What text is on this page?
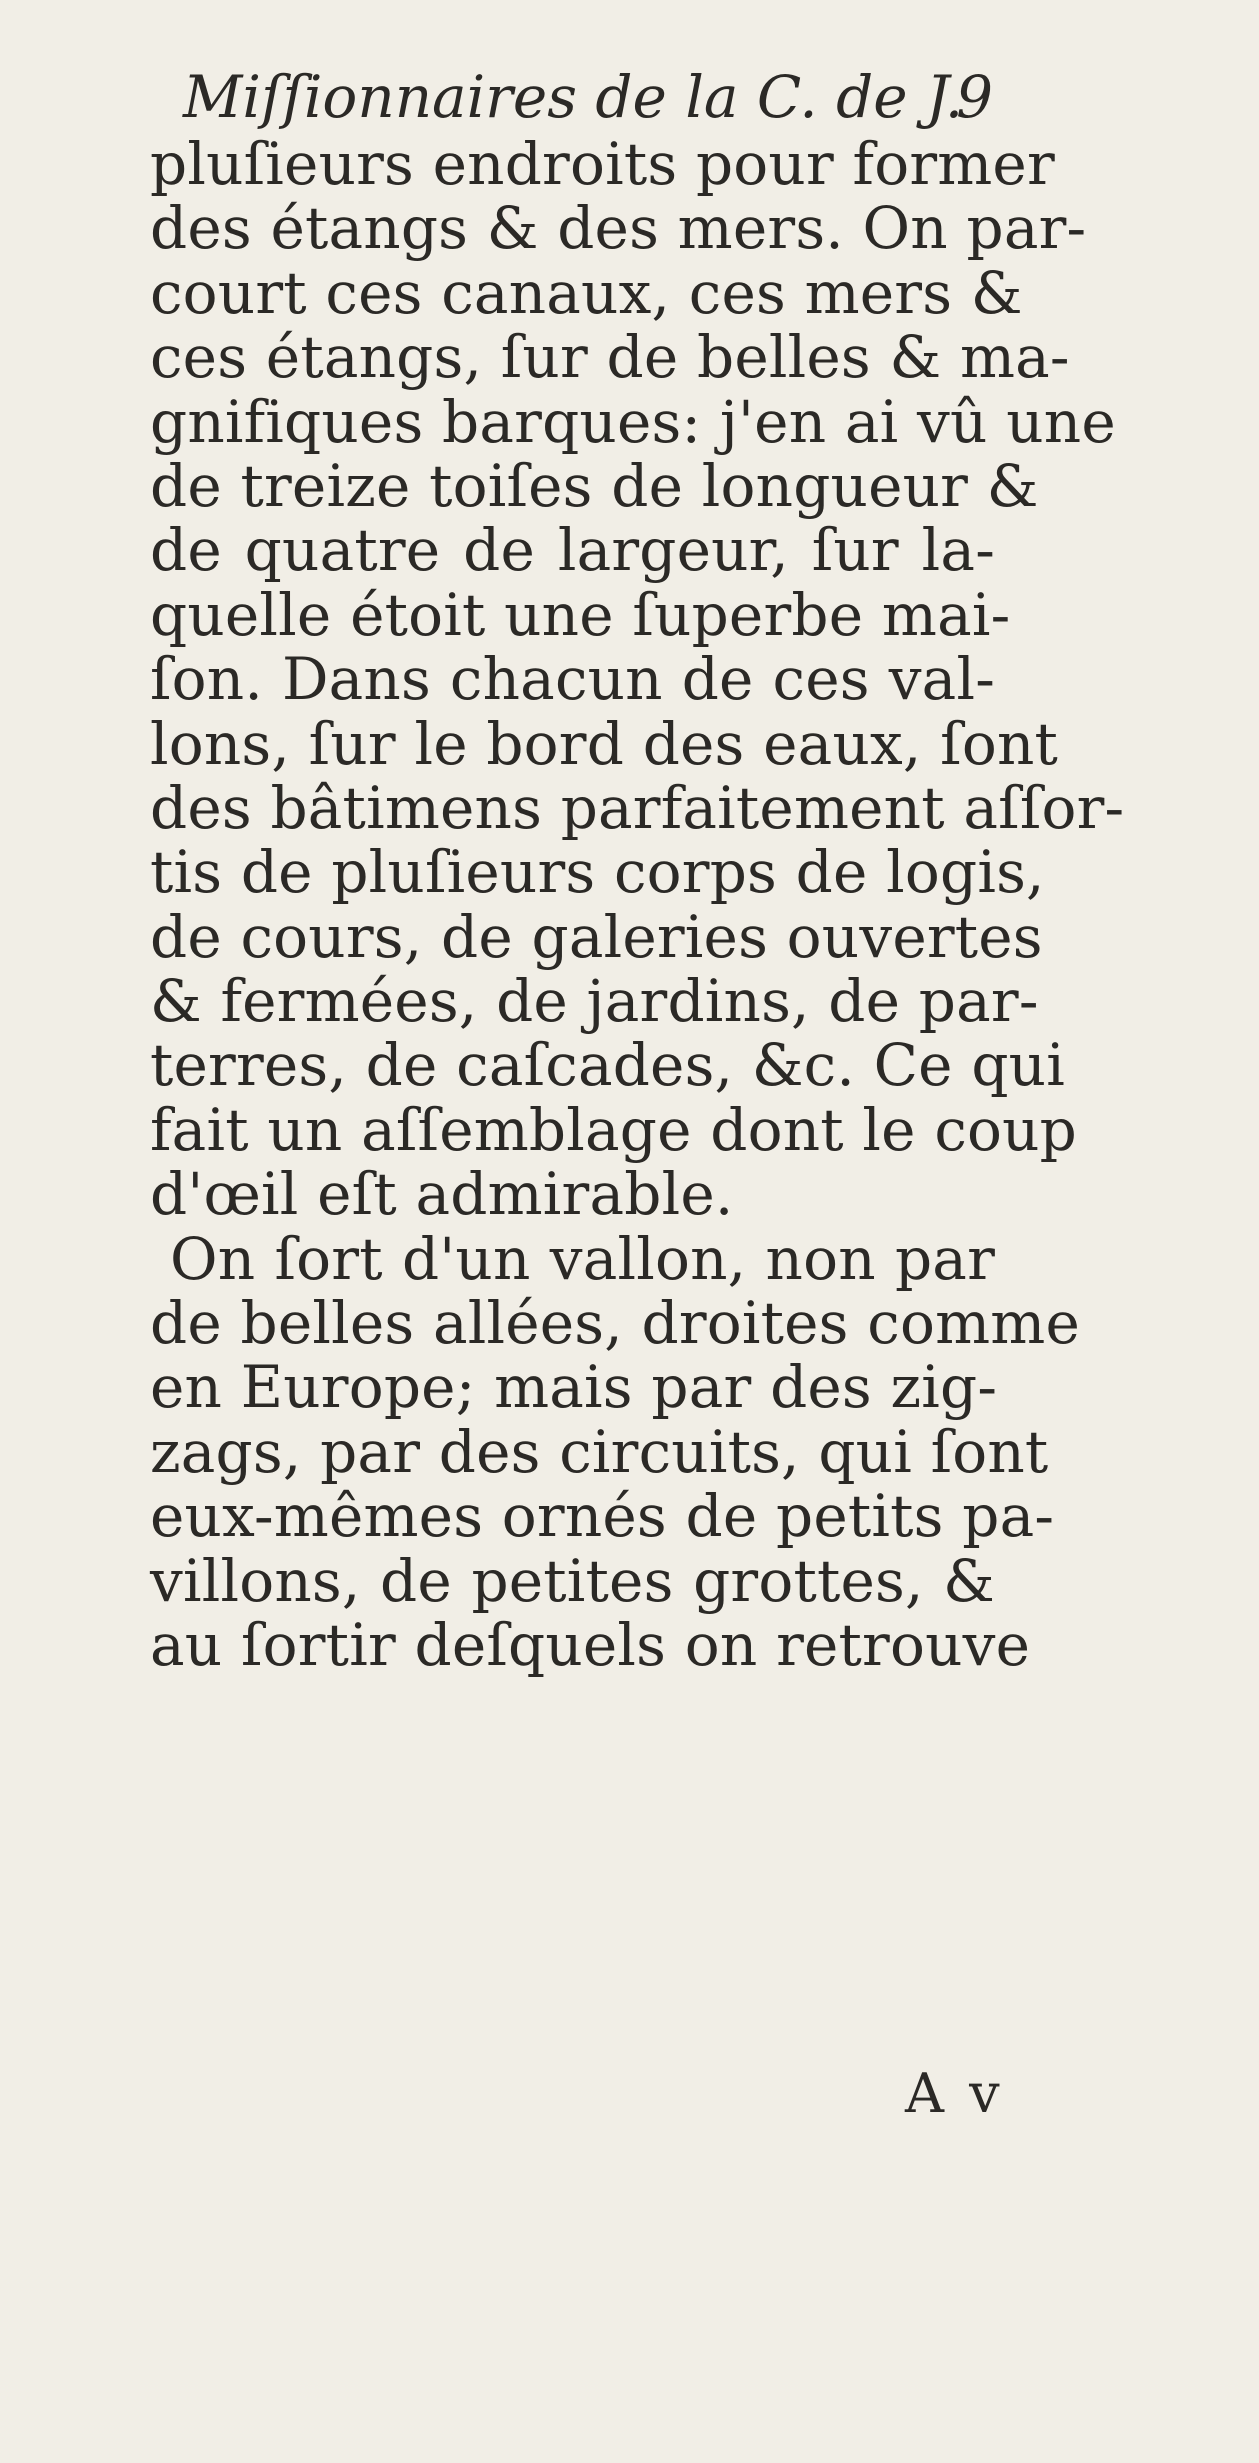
Miſſionnaires de la C. de J.
9
pluſieurs endroits pour former
des étangs & des mers. On par-
court ces canaux, ces mers &
ces étangs, ſur de belles & ma-
gnifiques barques: j'en ai vû une
de treize toiſes de longueur &
de quatre de largeur, ſur la-
quelle étoit une ſuperbe mai-
ſon. Dans chacun de ces val-
lons, ſur le bord des eaux, ſont
des bâtimens parfaitement aſſor-
tis de pluſieurs corps de logis,
de cours, de galeries ouvertes
& fermées, de jardins, de par-
terres, de caſcades, &c. Ce qui
fait un aſſemblage dont le coup
d'œil eſt admirable.
On ſort d'un vallon, non par
de belles allées, droites comme
en Europe; mais par des zig-
zags, par des circuits, qui ſont
eux-mêmes ornés de petits pa-
villons, de petites grottes, &
au ſortir deſquels on retrouve
A v
